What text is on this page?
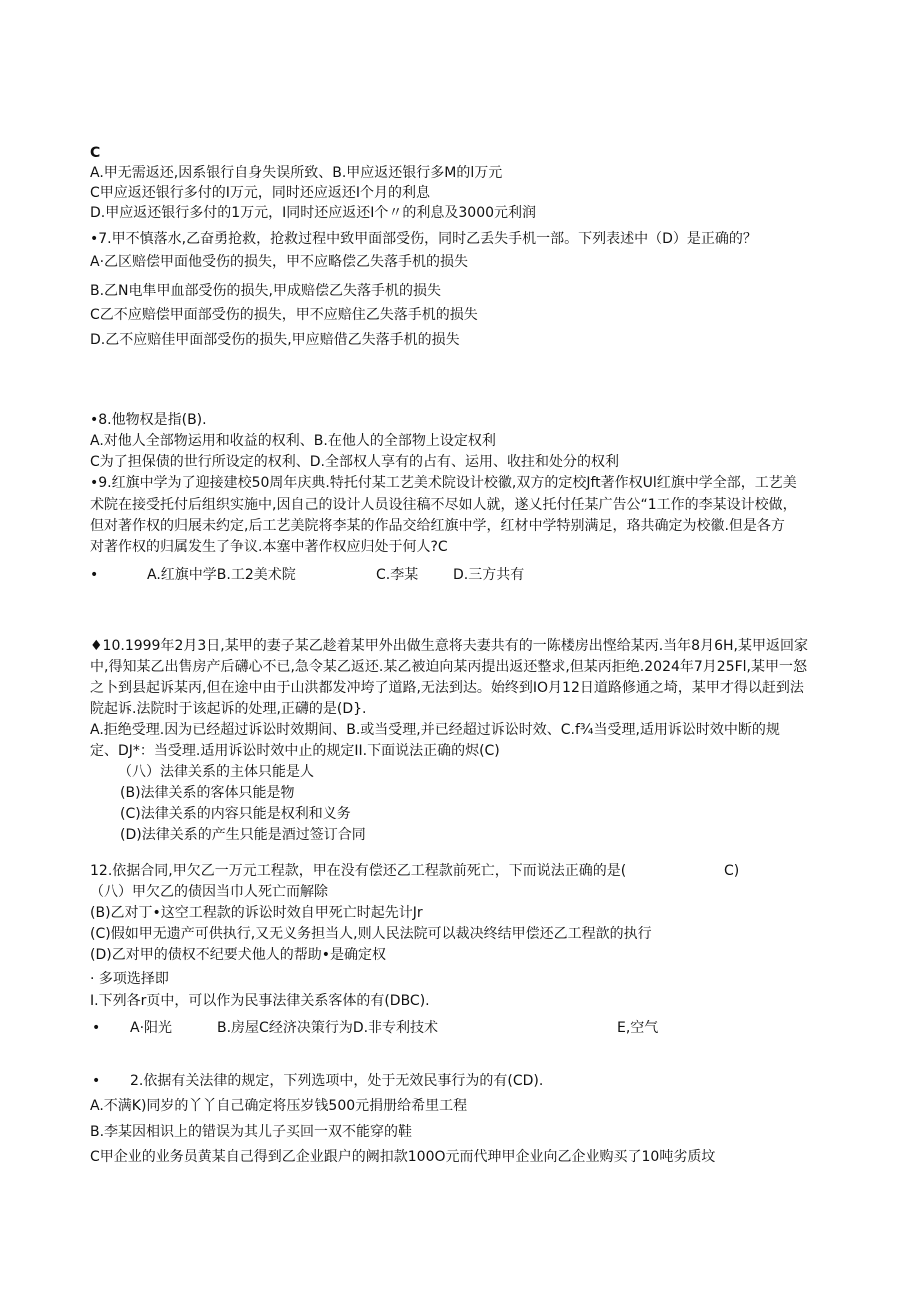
C
A.甲无需返还,因系银行自身失误所致、B.甲应返还银行多M的l万元
C甲应返还银行多付的I万元，同时还应返还I个月的利息
D.甲应返还银行多付的1万元，I同时还应返还I个〃的利息及3000元利润
•7.甲不慎落水,乙奋勇抢救，抢救过程中致甲面部受伤，同时乙丢失手机一部。下列表述中（D）是正确的？
A·乙区赔偿甲面他受伤的损失，甲不应略偿乙失落手机的损失
B.乙N电隼甲血部受伤的损失,甲成赔偿乙失落手机的损失
C乙不应赔偿甲面部受伤的损失，甲不应赔住乙失落手机的损失
D.乙不应赔佳甲面部受伤的损失,甲应赔借乙失落手机的损失
•8.他物权是指(B).
A.对他人全部物运用和收益的权利、B.在他人的全部物上设定权利
C为了担保债的世行所设定的权利、D.全部权人享有的占有、运用、收拄和处分的权利
•9.红旗中学为了迎接建校50周年庆典.特托付某工艺美术院设计校徽,双方的定校Jft著作权Ul红旗中学全部，工艺美
术院在接受托付后组织实施中,因自己的设计人员设往稿不尽如人就，遂乂托付任某广告公“1工作的李某设计校做，
但对著作权的归展未约定,后工艺美院将李某的作品交给红旗中学，红材中学特别满足，珞共确定为校徽.但是各方
对著作权的归属发生了争议.本塞中著作权应归处于何人?C
•	A.红旗中学B.工2美术院	C.李某 D.三方共有
♦10.1999年2月3日,某甲的妻子某乙趁着某甲外出做生意将夫妻共有的一陈楼房出悭给某丙.当年8月6H,某甲返回家
中,得知某乙出售房产后礴心不已,急令某乙返还.某乙被迫向某丙提出返还整求,但某丙拒绝.2024年7月25Fl,某甲一怒
之卜到县起诉某丙,但在途中由于山洪都发冲垮了道路,无法到达。始终到IO月12日道路修通之埼，某甲才得以赶到法
院起诉.法院时于该起诉的处理,正礴的是(D}.
A.拒绝受理.因为已经超过诉讼时效期间、B.或当受理,并已经超过诉讼时效、C.f¾当受理,适用诉讼时效中断的规
定、DJ*：当受理.适用诉讼时效中止的规定II.下面说法正确的烬(C)
（八）法律关系的主体只能是人
(B)法律关系的客体只能是物
(C)法律关系的内容只能是权利和义务
(D)法律关系的产生只能是酒过签订合同
12.依据合同,甲欠乙一万元工程款，甲在没有偿还乙工程款前死亡，下而说法正确的是(	C)
（八）甲欠乙的债因当巾人死亡而解除
(B)乙对丁•这空工程款的诉讼时效自甲死亡时起先计Jr
(C)假如甲无遗产可供执行,又无义务担当人,则人民法院可以裁决终结甲偿还乙工程歆的执行
(D)乙对甲的债权不纪要犬他人的帮助•是确定权
· 多项选择即
I.下列各r页中，可以作为民事法律关系客体的有(DBC).
• A·阳光	B.房屋C经济决策行为D.非专利技术	E,空气
• 2.依据有关法律的规定，下列选项中，处于无效民事行为的有(CD).
A.不满K)同岁的丫丫自己确定将压岁钱500元捐册给希里工程
B.李某因相识上的错误为其儿子买回一双不能穿的鞋
C甲企业的业务员黄某自己得到乙企业跟户的阙扣款100O元而代珅甲企业向乙企业购买了10吨劣质坟
